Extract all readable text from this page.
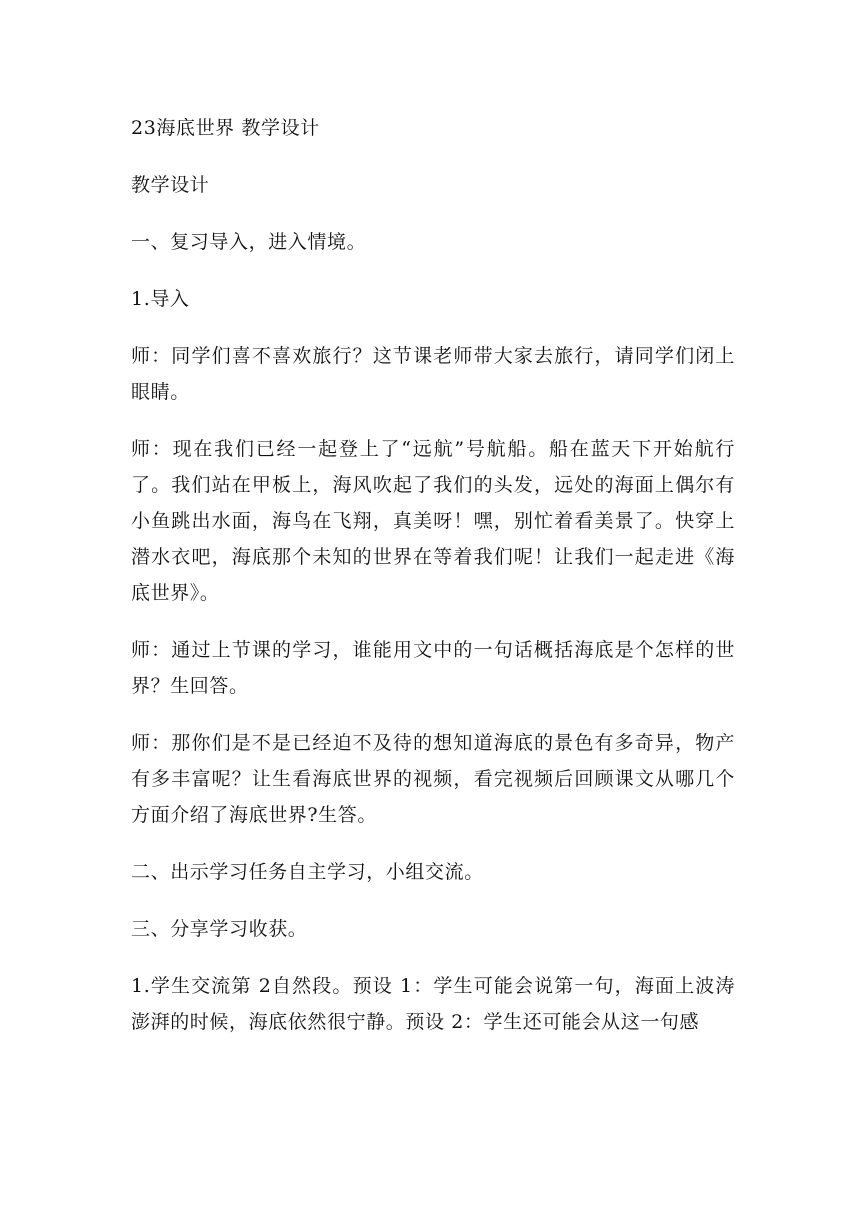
23海底世界 教学设计

教学设计

一、复习导入，进入情境。

1.导入

师：同学们喜不喜欢旅行？这节课老师带大家去旅行，请同学们闭上眼睛。

师：现在我们已经一起登上了“远航”号航船。船在蓝天下开始航行了。我们站在甲板上，海风吹起了我们的头发，远处的海面上偶尔有小鱼跳出水面，海鸟在飞翔，真美呀！嘿，别忙着看美景了。快穿上潜水衣吧，海底那个未知的世界在等着我们呢！让我们一起走进《海底世界》。

师：通过上节课的学习，谁能用文中的一句话概括海底是个怎样的世界？生回答。

师：那你们是不是已经迫不及待的想知道海底的景色有多奇异，物产有多丰富呢？让生看海底世界的视频，看完视频后回顾课文从哪几个方面介绍了海底世界?生答。

二、出示学习任务自主学习，小组交流。

三、分享学习收获。

1.学生交流第 2自然段。预设 1：学生可能会说第一句，海面上波涛澎湃的时候，海底依然很宁静。预设 2：学生还可能会从这一句感
